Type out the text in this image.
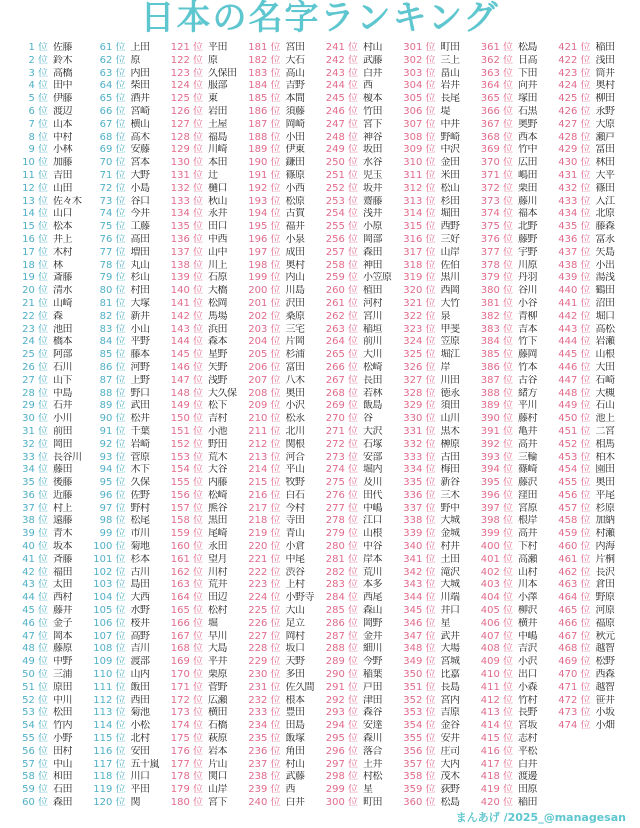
日本の名字ランキング
1 位 佐藤
2 位 鈴木
3 位 高橋
4 位 田中
5 位 伊藤
6 位 渡辺
7 位 山本
8 位 中村
9 位 小林
10 位 加藤
11 位 吉田
12 位 山田
13 位 佐々木
14 位 山口
15 位 松本
16 位 井上
17 位 木村
18 位 林
19 位 斎藤
20 位 清水
21 位 山崎
22 位 森
23 位 池田
24 位 橋本
25 位 阿部
26 位 石川
27 位 山下
28 位 中島
29 位 石井
30 位 小川
31 位 前田
32 位 岡田
33 位 長谷川
34 位 藤田
35 位 後藤
36 位 近藤
37 位 村上
38 位 遠藤
39 位 青木
40 位 坂本
41 位 斉藤
42 位 福田
43 位 太田
44 位 西村
45 位 藤井
46 位 金子
47 位 岡本
48 位 藤原
49 位 中野
50 位 三浦
51 位 原田
52 位 中川
53 位 松田
54 位 竹内
55 位 小野
56 位 田村
57 位 中山
58 位 和田
59 位 石田
60 位 森田
61 位 上田
62 位 原
63 位 内田
64 位 柴田
65 位 酒井
66 位 宮崎
67 位 横山
68 位 高木
69 位 安藤
70 位 宮本
71 位 大野
72 位 小島
73 位 谷口
74 位 今井
75 位 工藤
76 位 高田
77 位 増田
78 位 丸山
79 位 杉山
80 位 村田
81 位 大塚
82 位 新井
83 位 小山
84 位 平野
85 位 藤本
86 位 河野
87 位 上野
88 位 野口
89 位 武田
90 位 松井
91 位 千葉
92 位 岩崎
93 位 菅原
94 位 木下
95 位 久保
96 位 佐野
97 位 野村
98 位 松尾
99 位 市川
100 位 菊地
101 位 杉本
102 位 古川
103 位 島田
104 位 大西
105 位 水野
106 位 桜井
107 位 高野
108 位 吉川
109 位 渡部
110 位 山内
111 位 飯田
112 位 西田
113 位 菊池
114 位 小松
115 位 北村
116 位 安田
117 位 五十嵐
118 位 川口
119 位 平田
120 位 関
121 位 平田
122 位 原
123 位 久保田
124 位 服部
125 位 東
126 位 岩田
127 位 土屋
128 位 福島
129 位 川崎
130 位 本田
131 位 辻
132 位 樋口
133 位 秋山
134 位 永井
135 位 田口
136 位 中西
137 位 山中
138 位 川上
139 位 石原
140 位 大橋
141 位 松岡
142 位 馬場
143 位 浜田
144 位 森本
145 位 星野
146 位 矢野
147 位 浅野
148 位 大久保
149 位 松下
150 位 吉村
151 位 小池
152 位 野田
153 位 荒木
154 位 大谷
155 位 内藤
156 位 松崎
157 位 熊谷
158 位 黒田
159 位 尾崎
160 位 永田
161 位 望月
162 位 川村
163 位 荒井
164 位 田辺
165 位 松村
166 位 堀
167 位 早川
168 位 大島
169 位 平井
170 位 栗原
171 位 菅野
172 位 広瀬
173 位 横田
174 位 石橋
175 位 萩原
176 位 岩本
177 位 片山
178 位 関口
179 位 山岸
180 位 宮下
181 位 宮田
182 位 大石
183 位 高山
184 位 吉野
185 位 本間
186 位 須藤
187 位 岡崎
188 位 小田
189 位 伊東
190 位 鎌田
191 位 篠原
192 位 小西
193 位 松原
194 位 古賀
195 位 福井
196 位 小泉
197 位 成田
198 位 奥村
199 位 内山
200 位 川島
201 位 沢田
202 位 桑原
203 位 三宅
204 位 片岡
205 位 杉浦
206 位 富田
207 位 八木
208 位 奥田
209 位 小沢
210 位 松永
211 位 北川
212 位 関根
213 位 河合
214 位 平山
215 位 牧野
216 位 白石
217 位 今村
218 位 寺田
219 位 青山
220 位 小倉
221 位 中尾
222 位 渋谷
223 位 上村
224 位 小野寺
225 位 大山
226 位 足立
227 位 岡村
228 位 坂口
229 位 天野
230 位 多田
231 位 佐久間
232 位 根本
233 位 豊田
234 位 田島
235 位 飯塚
236 位 角田
237 位 村山
238 位 武藤
239 位 西
240 位 白井
241 位 村山
242 位 武藤
243 位 白井
244 位 西
245 位 榎本
246 位 竹田
247 位 宮下
248 位 神谷
249 位 坂田
250 位 水谷
251 位 児玉
252 位 坂井
253 位 齋藤
254 位 浅井
255 位 小原
256 位 岡部
257 位 森田
258 位 神田
259 位 小笠原
260 位 植田
261 位 河村
262 位 宮川
263 位 稲垣
264 位 前川
265 位 大川
266 位 松崎
267 位 長田
268 位 若林
269 位 飯島
270 位 谷
271 位 大沢
272 位 石塚
273 位 安部
274 位 堀内
275 位 及川
276 位 田代
277 位 中嶋
278 位 江口
279 位 山根
280 位 中谷
281 位 岸本
282 位 荒川
283 位 本多
284 位 西尾
285 位 森山
286 位 岡野
287 位 金井
288 位 細川
289 位 今野
290 位 稲葉
291 位 戸田
292 位 津田
293 位 森谷
294 位 安達
295 位 森川
296 位 落合
297 位 土井
298 位 村松
299 位 星
300 位 町田
301 位 町田
302 位 三上
303 位 畠山
304 位 岩井
305 位 長尾
306 位 堤
307 位 中井
308 位 野崎
309 位 中沢
310 位 金田
311 位 米田
312 位 松山
313 位 杉田
314 位 堀田
315 位 西野
316 位 三好
317 位 山岸
318 位 佐伯
319 位 黒川
320 位 西岡
321 位 大竹
322 位 泉
323 位 甲斐
324 位 笠原
325 位 堀江
326 位 岸
327 位 川田
328 位 徳永
329 位 須田
330 位 山川
331 位 黒木
332 位 榊原
333 位 古田
334 位 梅田
335 位 新谷
336 位 三木
337 位 野中
338 位 大城
339 位 金城
340 位 村井
341 位 土田
342 位 滝沢
343 位 大城
344 位 川端
345 位 井口
346 位 星
347 位 武井
348 位 大場
349 位 宮城
350 位 比嘉
351 位 長島
352 位 宮内
353 位 吉原
354 位 金谷
355 位 安井
356 位 庄司
357 位 大内
358 位 茂木
359 位 荻野
360 位 松島
361 位 松島
362 位 日高
363 位 下田
364 位 向井
365 位 塚田
366 位 石黒
367 位 奥野
368 位 西本
369 位 竹中
370 位 広田
371 位 嶋田
372 位 栗田
373 位 藤川
374 位 福本
375 位 北野
376 位 藤野
377 位 宇野
378 位 川原
379 位 丹羽
380 位 谷川
381 位 小谷
382 位 青柳
383 位 吉本
384 位 竹下
385 位 藤岡
386 位 竹本
387 位 古谷
388 位 緒方
389 位 平川
390 位 藤村
391 位 亀井
392 位 高井
393 位 三輪
394 位 篠崎
395 位 藤沢
396 位 窪田
397 位 宮原
398 位 根岸
399 位 高井
400 位 下村
401 位 高瀬
402 位 山村
403 位 川本
404 位 小澤
405 位 柳沢
406 位 横井
407 位 中嶋
408 位 吉沢
409 位 小沢
410 位 出口
411 位 小森
412 位 竹村
413 位 長野
414 位 宮坂
415 位 志村
416 位 平松
417 位 白井
418 位 渡邊
419 位 田原
420 位 稲田
421 位 稲田
422 位 浅田
423 位 筒井
424 位 奥村
425 位 柳田
426 位 永野
427 位 大原
428 位 瀬戸
429 位 冨田
430 位 林田
431 位 大平
432 位 篠田
433 位 入江
434 位 北原
435 位 藤森
436 位 富永
437 位 矢島
438 位 小出
439 位 湯浅
440 位 鶴田
441 位 沼田
442 位 堀口
443 位 高松
444 位 岩瀬
445 位 山根
446 位 大田
447 位 石崎
448 位 大槻
449 位 石山
450 位 池上
451 位 二宮
452 位 相馬
453 位 柏木
454 位 園田
455 位 奥田
456 位 平尾
457 位 杉原
458 位 加納
459 位 村瀬
460 位 内海
461 位 片桐
462 位 長沢
463 位 倉田
464 位 野原
465 位 河原
466 位 福原
467 位 秋元
468 位 越智
469 位 松野
470 位 西森
471 位 越智
472 位 笹井
473 位 小坂
474 位 小畑
まんあげ /2025_@managesan
